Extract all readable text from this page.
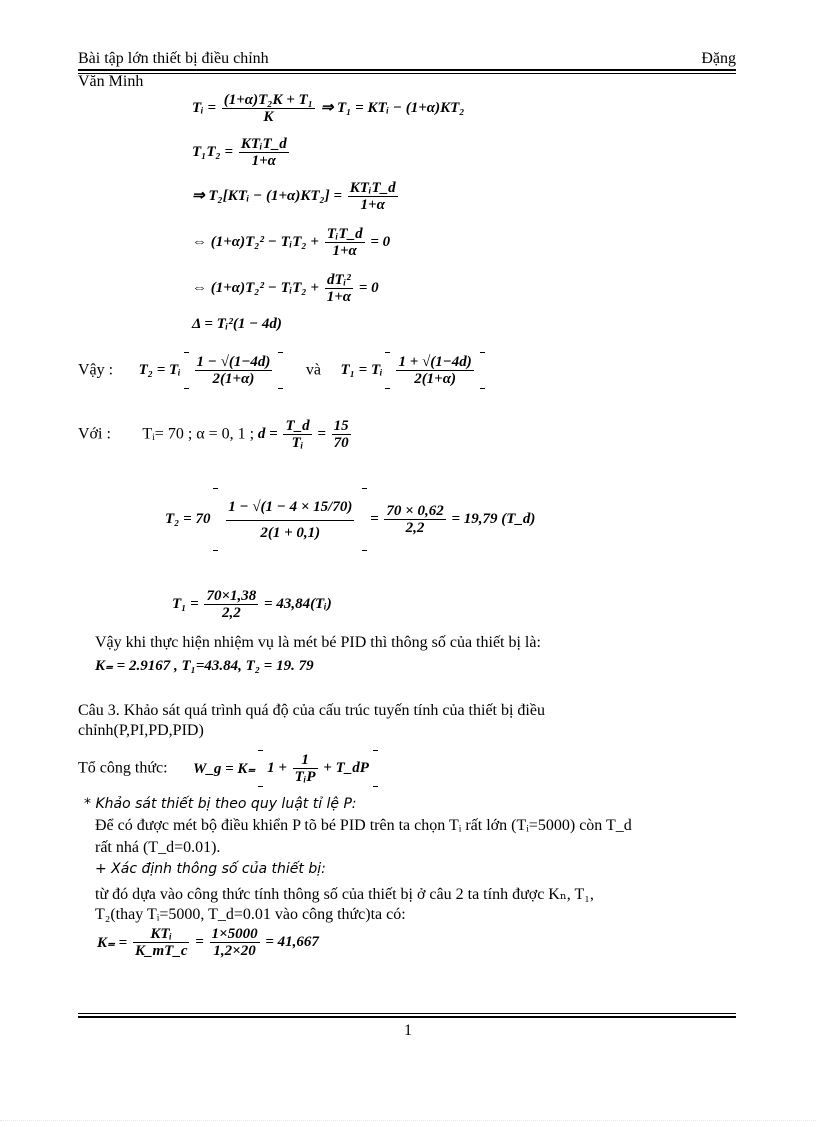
Bài tập lớn thiết bị điều chỉnh	Đặng
Văn Minh
Tᵢ = $\frac{\text{(1+α)T₂K + T₁}}{K}$ ⇒ T₁ = KTᵢ − (1+α)KT₂
$T_1T_2 = \frac{\text{KTᵢT\_d}}{1+\alpha}$
⇒ T₂[KTᵢ − $(1+\alpha)KT_2] = \frac{\text{KTᵢT\_d}}{1+\alpha}$
⇔ (1+α)T₂² − TᵢT₂ + $\frac{\text{TᵢT\_d}}{1+\alpha} = 0$
⇔ (1+α)T₂² − TᵢT₂ + $\frac{\text{dTᵢ²}}{1+\alpha} = 0$
Δ = Tᵢ²(1 − 4d)
Vậy : T₂ = Tᵢ $\frac{1 - √(1-4d)}{2(1+\alpha)}$ và T₁ = Tᵢ $\frac{1 + √(1-4d)}{2(1+\alpha)}$
Với : Tᵢ= 70 ; α = 0, 1 ; $d = \frac{T\_d}{\text{Tᵢ}} = \frac{15}{70}$
$T_2 = 70 \frac{1 - √(1 - 4 \times 15/70)}{2(1 + 0,1)} = \frac{70 \times 0,62}{2,2} = 19,79$ (T_d)
$T_1 = \frac{70\times 1,38}{2,2}$ = 43,84(Tᵢ)
Vậy khi thực hiện nhiệm vụ là mét bé PID thì thông số của thiết bị là:
K₌ = 2.9167 , T₁=43.84, T₂ = 19. 79
Câu 3. Khảo sát quá trình quá độ của cấu trúc tuyến tính của thiết bị điều
chỉnh(P,PI,PD,PID)
Tổ công thức: W_g = K₌ $1 + \frac{1}{\text{TᵢP}}$ + T_dP
* Khảo sát thiết bị theo quy luật tỉ lệ P:
Để có được mét bộ điều khiển P tõ bé PID trên ta chọn Tᵢ rất lớn (Tᵢ=5000) còn T_d
rất nhá (T_d=0.01).
+ Xác định thông số của thiết bị:
từ đó dựa vào công thức tính thông số của thiết bị ở câu 2 ta tính được Kₙ, T₁,
T₂(thay Tᵢ=5000, T_d=0.01 vào công thức)ta có:
$K_= = \frac{\text{KTᵢ}}{K\_mT\_c} = \frac{1\times 5000}{1,2\times 20} = 41,667$
1
